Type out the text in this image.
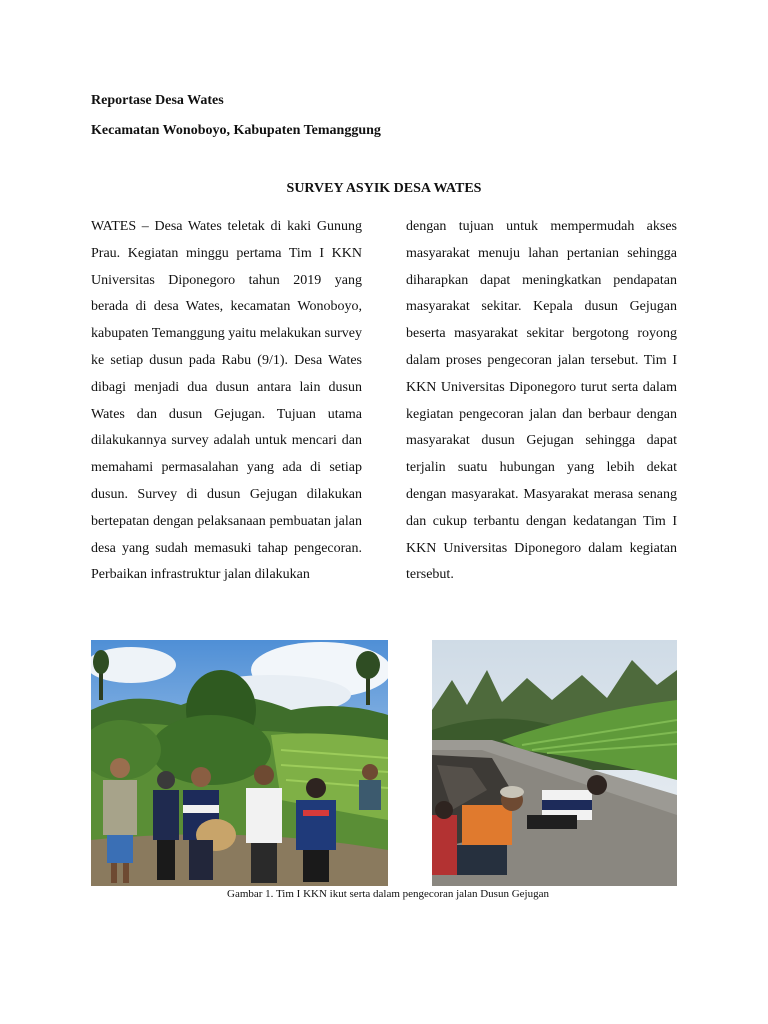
Reportase Desa Wates
Kecamatan Wonoboyo, Kabupaten Temanggung
SURVEY ASYIK DESA WATES

WATES – Desa Wates teletak di kaki Gunung Prau. Kegiatan minggu pertama Tim I KKN Universitas Diponegoro tahun 2019 yang berada di desa Wates, kecamatan Wonoboyo, kabupaten Temanggung yaitu melakukan survey ke setiap dusun pada Rabu (9/1). Desa Wates dibagi menjadi dua dusun antara lain dusun Wates dan dusun Gejugan. Tujuan utama dilakukannya survey adalah untuk mencari dan memahami permasalahan yang ada di setiap dusun. Survey di dusun Gejugan dilakukan bertepatan dengan pelaksanaan pembuatan jalan desa yang sudah memasuki tahap pengecoran. Perbaikan infrastruktur jalan dilakukan

dengan tujuan untuk mempermudah akses masyarakat menuju lahan pertanian sehingga diharapkan dapat meningkatkan pendapatan masyarakat sekitar. Kepala dusun Gejugan beserta masyarakat sekitar bergotong royong dalam proses pengecoran jalan tersebut. Tim I KKN Universitas Diponegoro turut serta dalam kegiatan pengecoran jalan dan berbaur dengan masyarakat dusun Gejugan sehingga dapat terjalin suatu hubungan yang lebih dekat dengan masyarakat. Masyarakat merasa senang dan cukup terbantu dengan kedatangan Tim I KKN Universitas Diponegoro dalam kegiatan tersebut.

Gambar 1. Tim I KKN ikut serta dalam pengecoran jalan Dusun Gejugan
